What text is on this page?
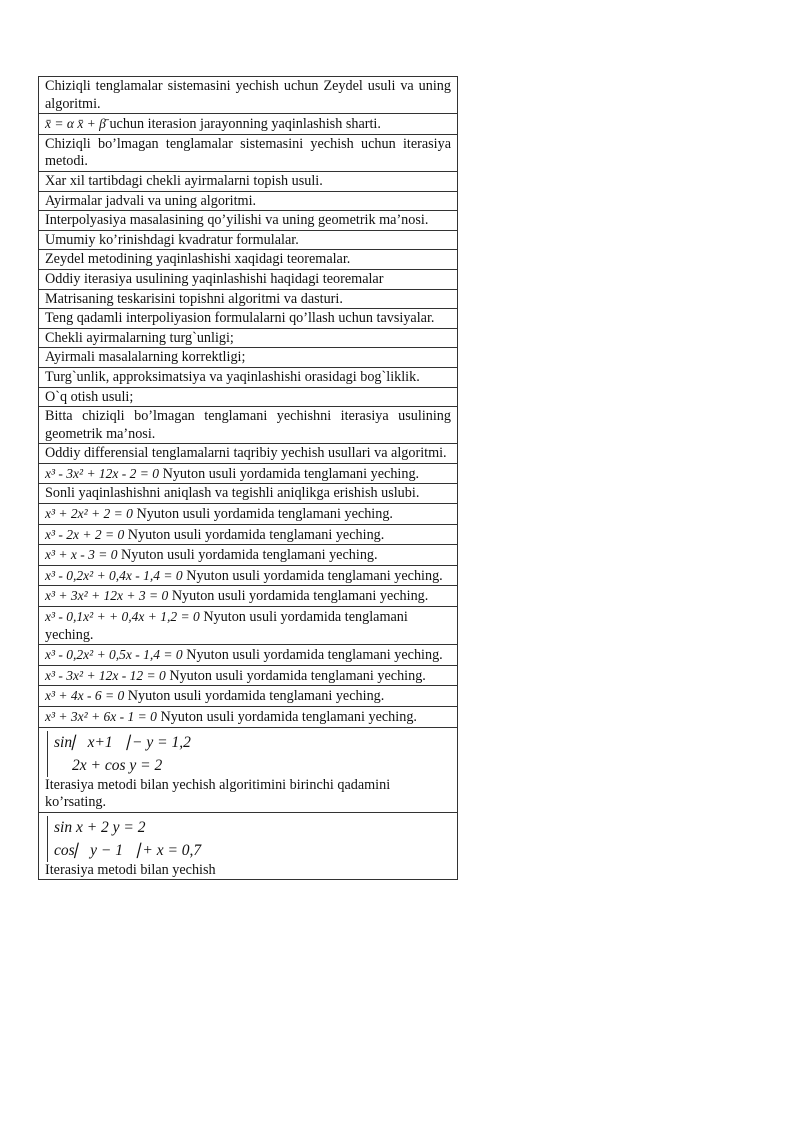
Chiziqli tenglamalar sistemasini yechish uchun Zeydel usuli va uning algoritmi.
x̄ = α x̄ + β̄ uchun iterasion jarayonning yaqinlashish sharti.
Chiziqli bo’lmagan tenglamalar sistemasini yechish uchun iterasiya metodi.
Xar xil tartibdagi chekli ayirmalarni topish usuli.
Ayirmalar jadvali va uning algoritmi.
Interpolyasiya masalasining qo’yilishi va uning geometrik ma’nosi.
Umumiy ko’rinishdagi kvadratur formulalar.
Zeydel metodining yaqinlashishi xaqidagi teoremalar.
Oddiy iterasiya usulining yaqinlashishi haqidagi teoremalar
Matrisaning teskarisini topishni algoritmi va dasturi.
Teng qadamli interpoliyasion formulalarni qo’llash uchun tavsiyalar.
Chekli ayirmalarning turg`unligi;
Ayirmali masalalarning korrektligi;
Turg`unlik, approksimatsiya va yaqinlashishi orasidagi bog`liklik.
O`q otish usuli;
Bitta chiziqli bo’lmagan tenglamani yechishni iterasiya usulining geometrik ma’nosi.
Oddiy differensial tenglamalarni taqribiy yechish usullari va algoritmi.
x³ - 3x² + 12x - 2 = 0 Nyuton usuli yordamida tenglamani yeching.
Sonli yaqinlashishni aniqlash va tegishli aniqlikga erishish uslubi.
x³ + 2x² + 2 = 0 Nyuton usuli yordamida tenglamani yeching.
x³ - 2x + 2 = 0 Nyuton usuli yordamida tenglamani yeching.
x³ + x - 3 = 0 Nyuton usuli yordamida tenglamani yeching.
x³ - 0,2x² + 0,4x - 1,4 = 0 Nyuton usuli yordamida tenglamani yeching.
x³ + 3x² + 12x + 3 = 0 Nyuton usuli yordamida tenglamani yeching.
x³ - 0,1x² + + 0,4x + 1,2 = 0 Nyuton usuli yordamida tenglamani yeching.
x³ - 0,2x² + 0,5x - 1,4 = 0 Nyuton usuli yordamida tenglamani yeching.
x³ - 3x² + 12x - 12 = 0 Nyuton usuli yordamida tenglamani yeching.
x³ + 4x - 6 = 0 Nyuton usuli yordamida tenglamani yeching.
x³ + 3x² + 6x - 1 = 0 Nyuton usuli yordamida tenglamani yeching.
sin⎸x+1⎹ − y = 1,2
2x + cos y = 2
Iterasiya metodi bilan yechish algoritimini birinchi qadamini ko’rsating.
sin x + 2 y = 2
cos⎸y − 1⎹ + x = 0,7
Iterasiya metodi bilan yechish
